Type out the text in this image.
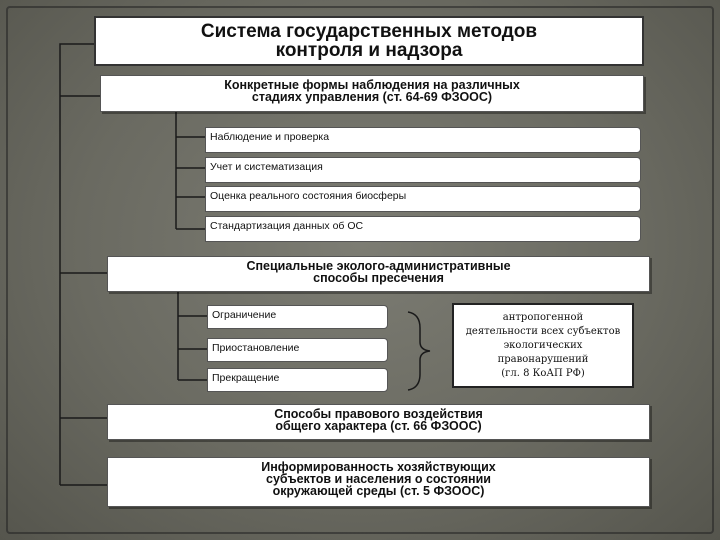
Система государственных методов
контроля и надзора
Конкретные формы наблюдения на различных
стадиях управления (ст. 64-69 ФЗООС)
Наблюдение и проверка
Учет и систематизация
Оценка реального состояния биосферы
Стандартизация данных об ОС
Специальные эколого-административные
способы пресечения
Ограничение
Приостановление
Прекращение
антропогенной
деятельности всех субъектов
экологических
правонарушений
(гл. 8 КоАП РФ)
Способы правового воздействия
общего характера (ст. 66 ФЗООС)
Информированность хозяйствующих
субъектов и населения о состоянии
окружающей среды (ст. 5 ФЗООС)
